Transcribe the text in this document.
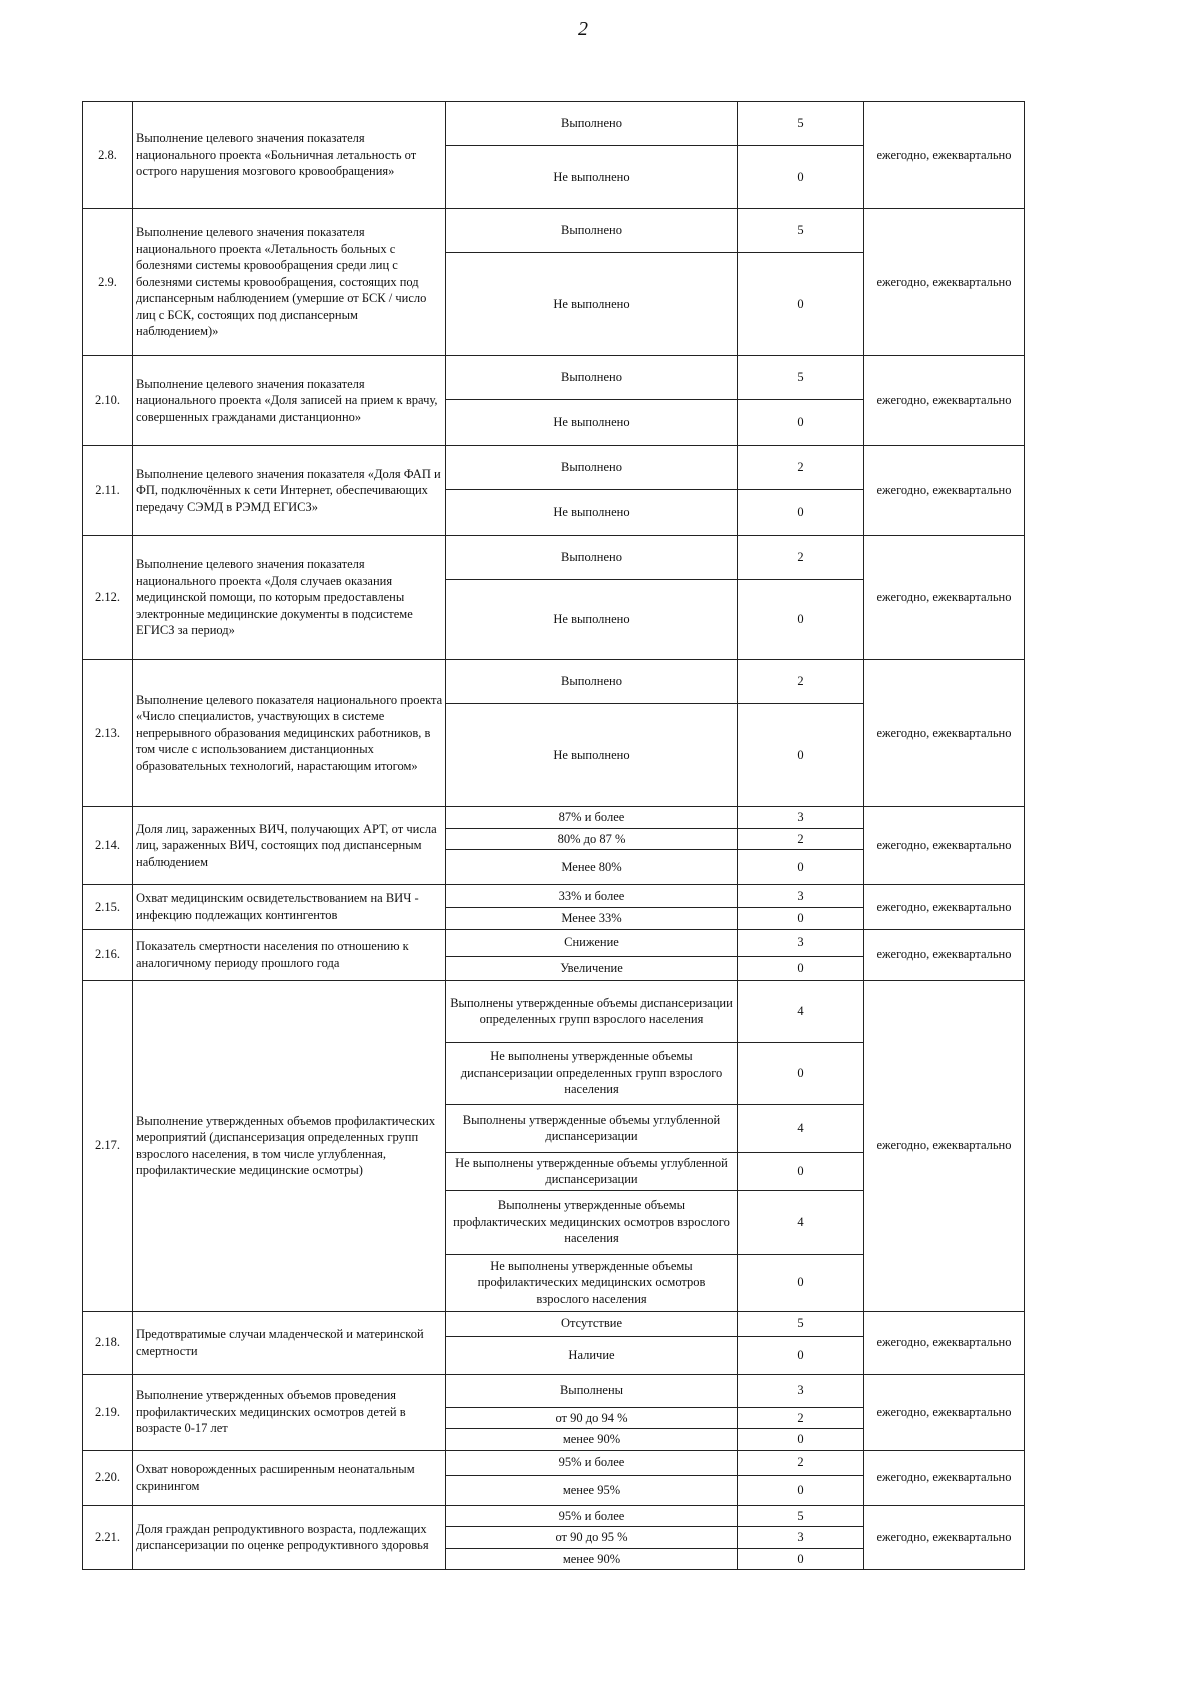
2
2.8.	Выполнение целевого значения показателя национального проекта «Больничная летальность от острого нарушения мозгового кровообращения»	Выполнено	5	ежегодно, ежеквартально
		Не выполнено	0	
2.9.	Выполнение целевого значения показателя национального проекта «Летальность больных с болезнями системы кровообращения среди лиц с болезнями системы кровообращения, состоящих под диспансерным наблюдением (умершие от БСК / число лиц с БСК, состоящих под диспансерным наблюдением)»	Выполнено	5	ежегодно, ежеквартально
		Не выполнено	0	
2.10.	Выполнение целевого значения показателя национального проекта «Доля записей на прием к врачу, совершенных гражданами дистанционно»	Выполнено	5	ежегодно, ежеквартально
		Не выполнено	0	
2.11.	Выполнение целевого значения показателя «Доля ФАП и ФП, подключённых к сети Интернет, обеспечивающих передачу СЭМД в РЭМД ЕГИСЗ»	Выполнено	2	ежегодно, ежеквартально
		Не выполнено	0	
2.12.	Выполнение целевого значения показателя национального проекта «Доля случаев оказания медицинской помощи, по которым предоставлены электронные медицинские документы в подсистеме ЕГИСЗ за период»	Выполнено	2	ежегодно, ежеквартально
		Не выполнено	0	
2.13.	Выполнение целевого показателя национального проекта «Число специалистов, участвующих в системе непрерывного образования медицинских работников, в том числе с использованием дистанционных образовательных технологий, нарастающим итогом»	Выполнено	2	ежегодно, ежеквартально
		Не выполнено	0	
2.14.	Доля лиц, зараженных ВИЧ, получающих АРТ, от числа лиц, зараженных ВИЧ, состоящих под диспансерным наблюдением	87% и более	3	ежегодно, ежеквартально
		80% до 87 %	2	
		Менее 80%	0	
2.15.	Охват медицинским освидетельствованием на ВИЧ - инфекцию подлежащих контингентов	33% и более	3	ежегодно, ежеквартально
		Менее 33%	0	
2.16.	Показатель смертности населения по отношению к аналогичному периоду прошлого года	Снижение	3	ежегодно, ежеквартально
		Увеличение	0	
2.17.	Выполнение утвержденных объемов профилактических мероприятий (диспансеризация определенных групп взрослого населения, в том числе углубленная, профилактические медицинские осмотры)	Выполнены утвержденные объемы диспансеризации определенных групп взрослого населения	4	ежегодно, ежеквартально
		Не выполнены утвержденные объемы диспансеризации определенных групп взрослого населения	0	
		Выполнены утвержденные объемы углубленной диспансеризации	4	
		Не выполнены утвержденные объемы углубленной диспансеризации	0	
		Выполнены утвержденные объемы профлактических медицинских осмотров взрослого населения	4	
		Не выполнены утвержденные объемы профилактических медицинских осмотров взрослого населения	0	
2.18.	Предотвратимые случаи младенческой и материнской смертности	Отсутствие	5	ежегодно, ежеквартально
		Наличие	0	
2.19.	Выполнение утвержденных объемов проведения профилактических медицинских осмотров детей в возрасте 0-17 лет	Выполнены	3	ежегодно, ежеквартально
		от 90 до 94 %	2	
		менее 90%	0	
2.20.	Охват новорожденных расширенным неонатальным скринингом	95% и более	2	ежегодно, ежеквартально
		менее 95%	0	
2.21.	Доля граждан репродуктивного возраста, подлежащих диспансеризации по оценке репродуктивного здоровья	95% и более	5	ежегодно, ежеквартально
		от 90 до 95 %	3	
		менее 90%	0	
